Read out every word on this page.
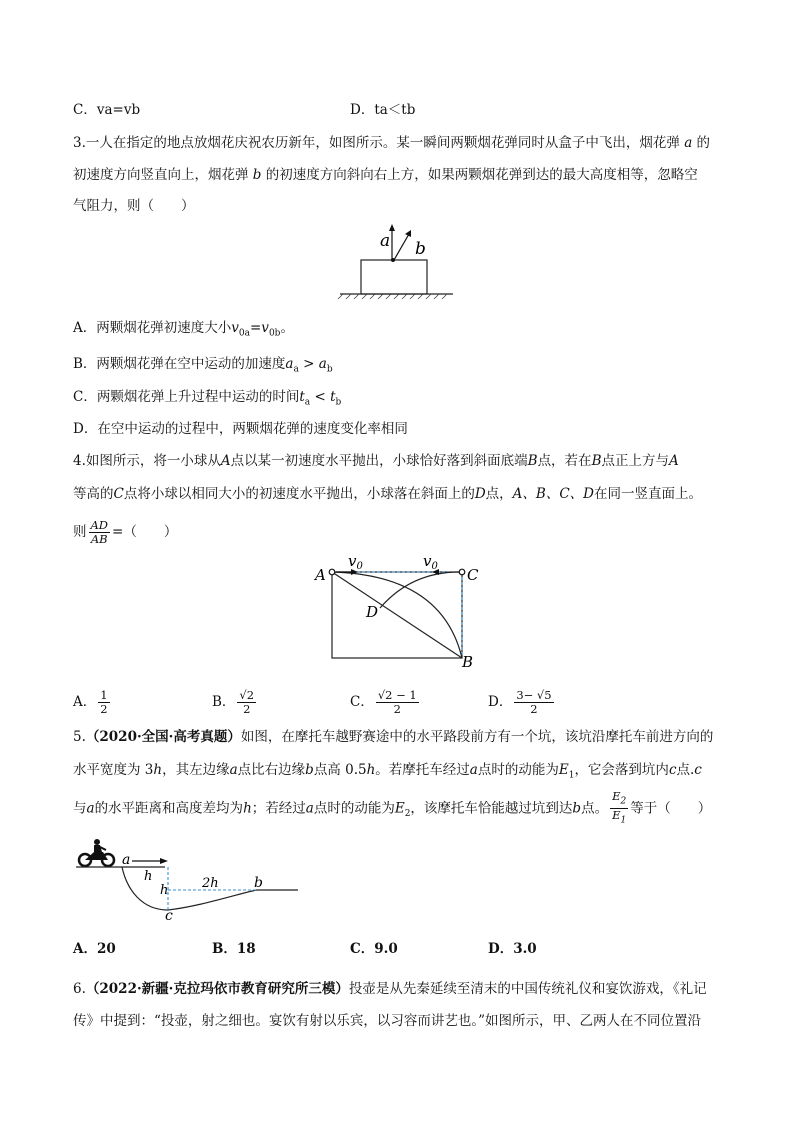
C．va=vb	D．ta＜tb
3.一人在指定的地点放烟花庆祝农历新年，如图所示。某一瞬间两颗烟花弹同时从盒子中飞出，烟花弹 a 的
初速度方向竖直向上，烟花弹 b 的初速度方向斜向右上方，如果两颗烟花弹到达的最大高度相等，忽略空
气阻力，则（　　）
a b
A．两颗烟花弹初速度大小$v_{0a}=v_{0b}$。
B．两颗烟花弹在空中运动的加速度$a_a > a_b$
C．两颗烟花弹上升过程中运动的时间$t_a < t_b$
D．在空中运动的过程中，两颗烟花弹的速度变化率相同
4.如图所示，将一小球从A点以某一初速度水平抛出，小球恰好落到斜面底端B点，若在B点正上方与A
等高的C点将小球以相同大小的初速度水平抛出，小球落在斜面上的D点，A、B、C、D在同一竖直面上。
则 $\frac{AD}{AB}$ =（　　）
A	C
D
B
$v_0$	$v_0$
A． $\frac{1}{2}$	B． $\frac{√2}{2}$	C． $\frac{√2 - 1}{2}$	D． $\frac{3- √5}{2}$
5.（2020·全国·高考真题）如图，在摩托车越野赛途中的水平路段前方有一个坑，该坑沿摩托车前进方向的
水平宽度为 3h，其左边缘a点比右边缘b点高 0.5h。若摩托车经过a点时的动能为$E_1$，它会落到坑内c点.c
与a的水平距离和高度差均为h；若经过a点时的动能为$E_2$，该摩托车恰能越过坑到达b点。 $\frac{E_2}{E_1}$ 等于（　　）
a
h
h	2h	b
c
A．20	B．18	C．9.0	D．3.0
6.（2022·新疆·克拉玛依市教育研究所三模）投壶是从先秦延续至清末的中国传统礼仪和宴饮游戏，《礼记
传》中提到：“投壶，射之细也。宴饮有射以乐宾，以习容而讲艺也。”如图所示，甲、乙两人在不同位置沿
